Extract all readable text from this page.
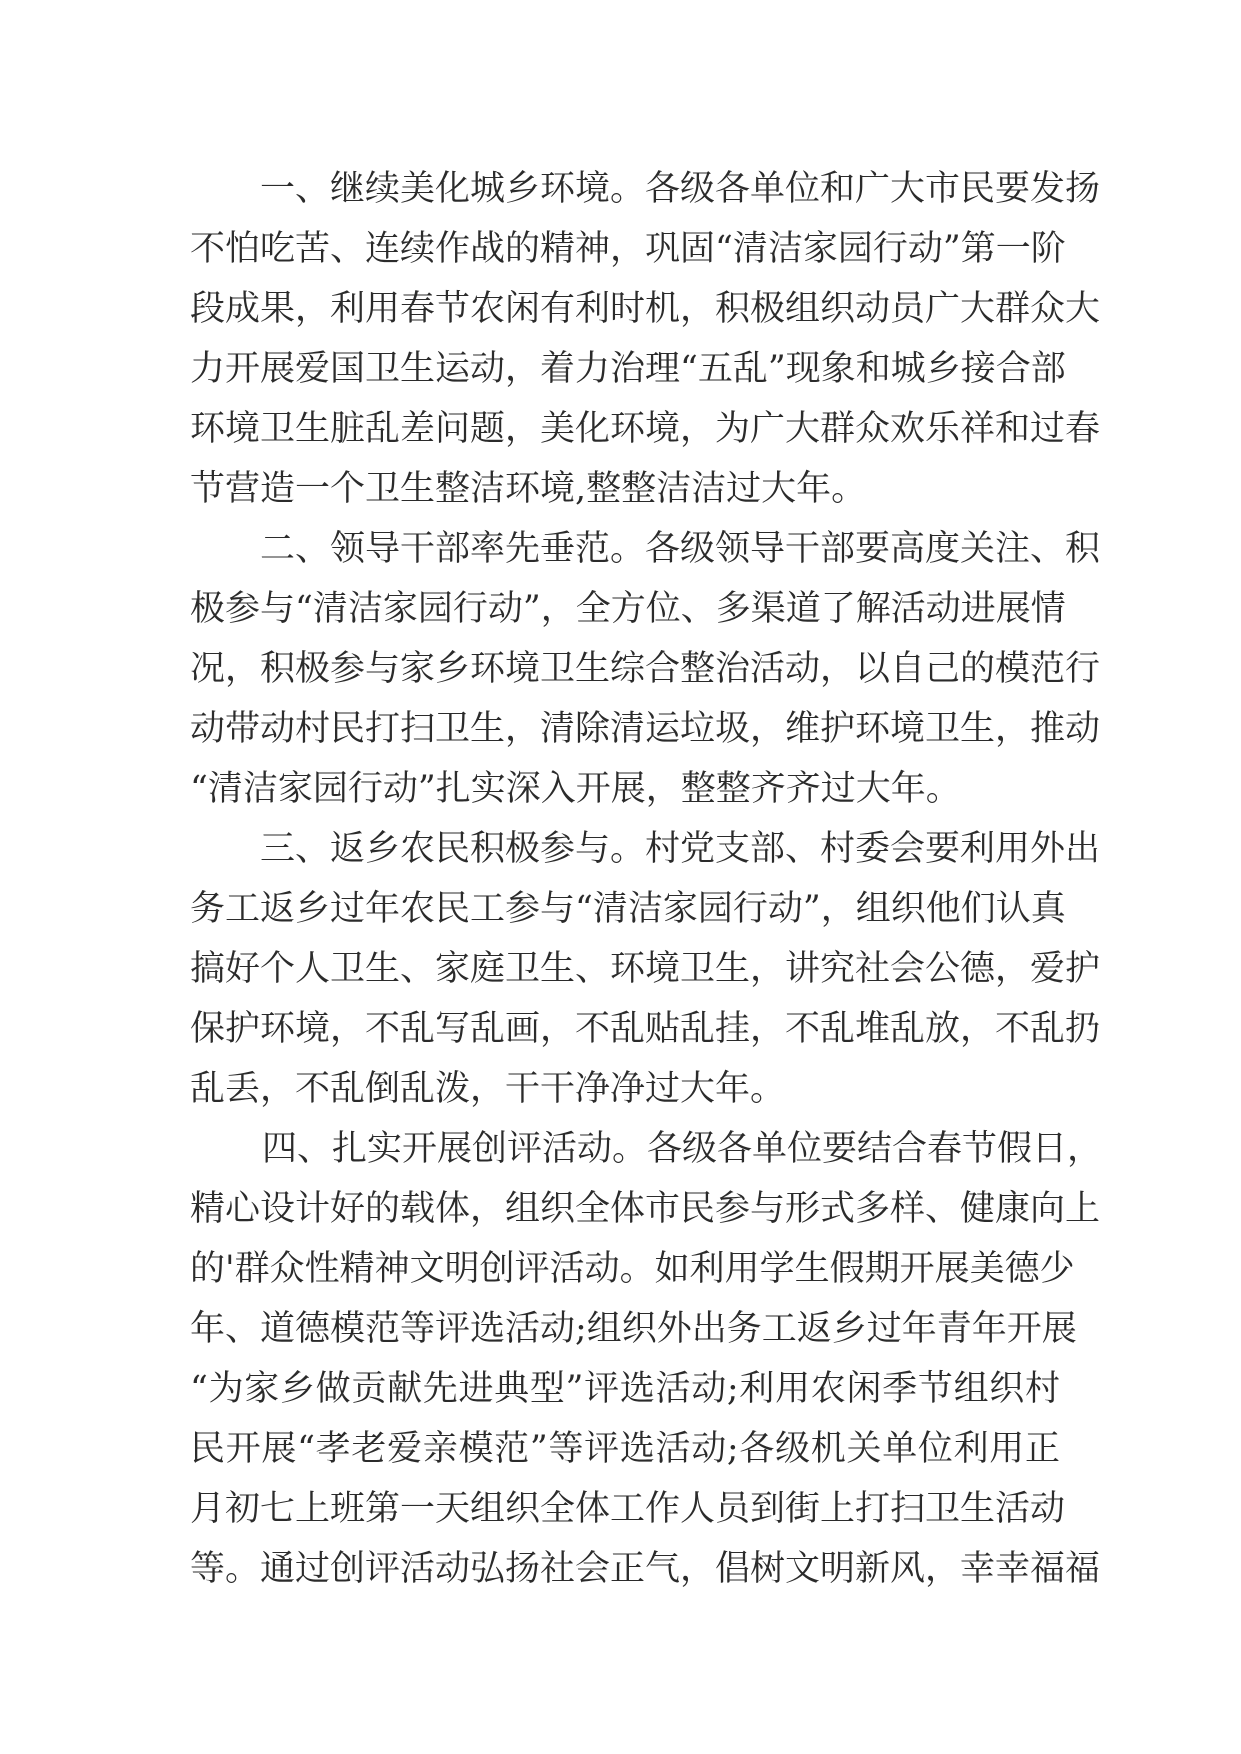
一、继续美化城乡环境。各级各单位和广大市民要发扬
不怕吃苦、连续作战的精神，巩固“清洁家园行动”第一阶
段成果，利用春节农闲有利时机，积极组织动员广大群众大
力开展爱国卫生运动，着力治理“五乱”现象和城乡接合部
环境卫生脏乱差问题，美化环境，为广大群众欢乐祥和过春
节营造一个卫生整洁环境,整整洁洁过大年。
二、领导干部率先垂范。各级领导干部要高度关注、积
极参与“清洁家园行动”，全方位、多渠道了解活动进展情
况，积极参与家乡环境卫生综合整治活动，以自己的模范行
动带动村民打扫卫生，清除清运垃圾，维护环境卫生，推动
“清洁家园行动”扎实深入开展，整整齐齐过大年。
三、返乡农民积极参与。村党支部、村委会要利用外出
务工返乡过年农民工参与“清洁家园行动”，组织他们认真
搞好个人卫生、家庭卫生、环境卫生，讲究社会公德，爱护
保护环境，不乱写乱画，不乱贴乱挂，不乱堆乱放，不乱扔
乱丢，不乱倒乱泼，干干净净过大年。
四、扎实开展创评活动。各级各单位要结合春节假日，
精心设计好的载体，组织全体市民参与形式多样、健康向上
的'群众性精神文明创评活动。如利用学生假期开展美德少
年、道德模范等评选活动;组织外出务工返乡过年青年开展
“为家乡做贡献先进典型”评选活动;利用农闲季节组织村
民开展“孝老爱亲模范”等评选活动;各级机关单位利用正
月初七上班第一天组织全体工作人员到街上打扫卫生活动
等。通过创评活动弘扬社会正气，倡树文明新风，幸幸福福
